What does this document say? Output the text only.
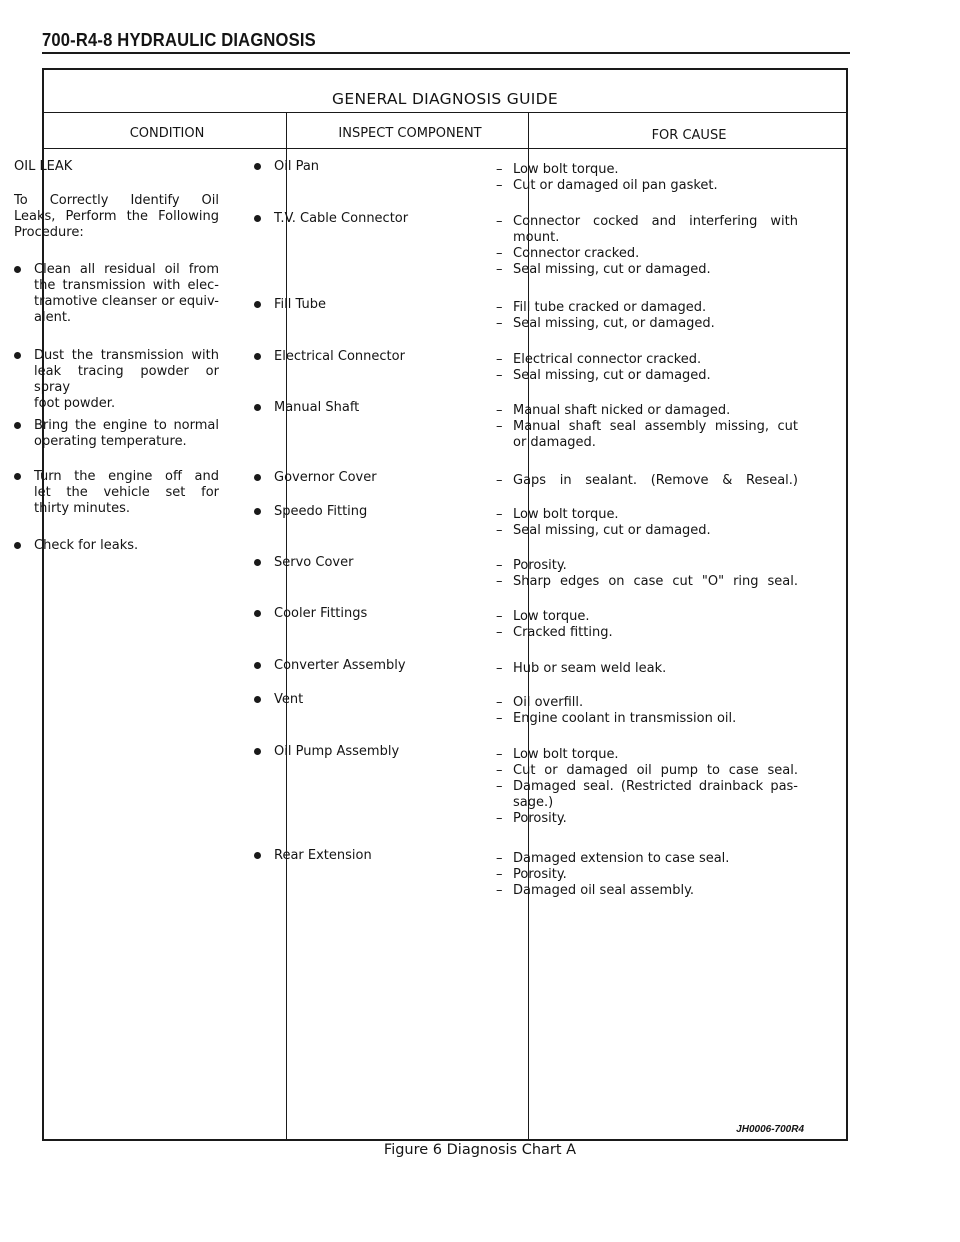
700-R4-8 HYDRAULIC DIAGNOSIS
GENERAL DIAGNOSIS GUIDE
CONDITION	INSPECT COMPONENT	FOR CAUSE
JH0006-700R4
OIL LEAK

To Correctly Identify Oil

Leaks, Perform the Following

Procedure:

Clean all residual oil from

the transmission with elec-

tramotive cleanser or equiv-

alent.

Dust the transmission with

leak tracing powder or spray

foot powder.

Bring the engine to normal

operating temperature.

Turn the engine off and

let the vehicle set for

thirty minutes.

Check for leaks.

Oil Pan
T.V. Cable Connector
Fill Tube
Electrical Connector
Manual Shaft
Governor Cover
Speedo Fitting
Servo Cover
Cooler Fittings
Converter Assembly
Vent
Oil Pump Assembly
Rear Extension
– Low bolt torque.
– Cut or damaged oil pan gasket.
– Connector cocked and interfering with
mount.
– Connector cracked.
– Seal missing, cut or damaged.
– Fill tube cracked or damaged.
– Seal missing, cut, or damaged.
– Electrical connector cracked.
– Seal missing, cut or damaged.
– Manual shaft nicked or damaged.
– Manual shaft seal assembly missing, cut
or damaged.
– Gaps in sealant. (Remove & Reseal.)
– Low bolt torque.
– Seal missing, cut or damaged.
– Porosity.
– Sharp edges on case cut "O" ring seal.
– Low torque.
– Cracked fitting.
– Hub or seam weld leak.
– Oil overfill.
– Engine coolant in transmission oil.
– Low bolt torque.
– Cut or damaged oil pump to case seal.
– Damaged seal. (Restricted drainback pas-
sage.)
– Porosity.
– Damaged extension to case seal.
– Porosity.
– Damaged oil seal assembly.
Figure 6 Diagnosis Chart A
